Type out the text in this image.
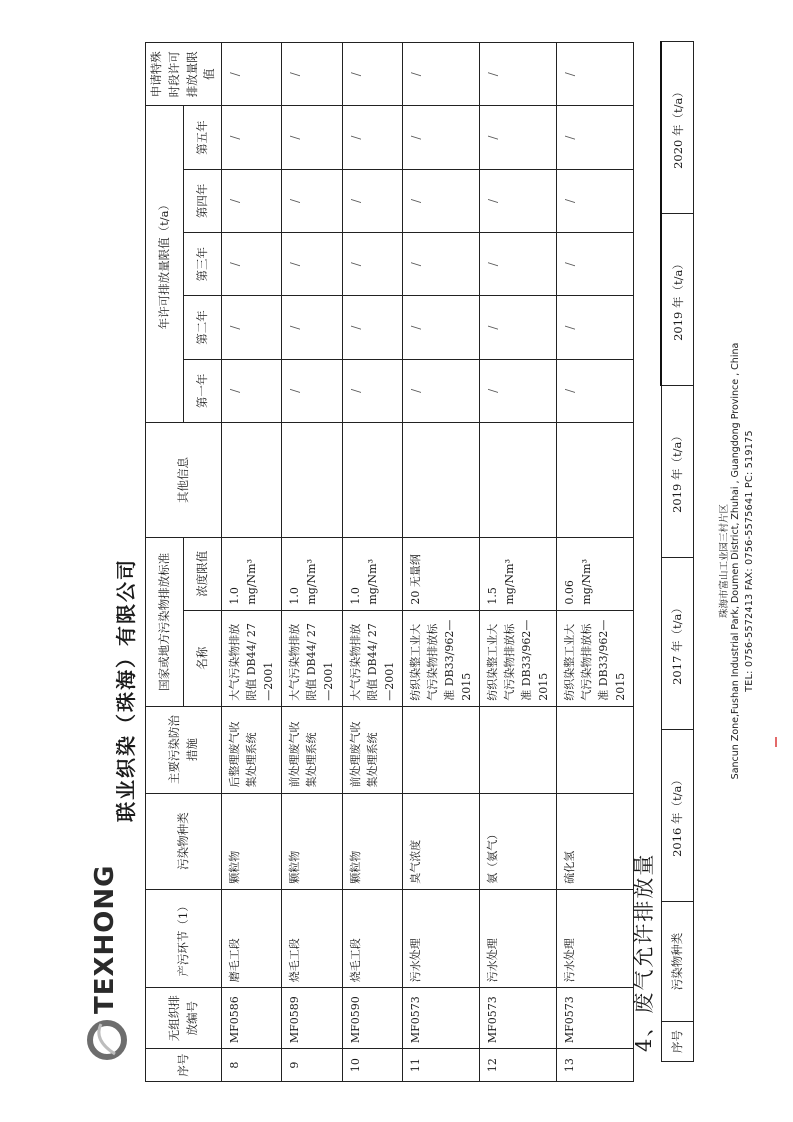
TEXHONG
联业织染（珠海）有限公司
序号	无组织排放编号	产污环节（1）	污染物种类	主要污染防治措施	国家或地方污染物排放标准		其他信息	年许可排放量限值（t/a）					申请特殊时段许可排放量限值
					名称	浓度限值		第一年	第二年	第三年	第四年	第五年	
8	MF0586	磨毛工段	颗粒物	后整理废气收集处理系统	大气污染物排放限值 DB44/ 27—2001	1.0 mg/Nm³		/	/	/	/	/	/
9	MF0589	烧毛工段	颗粒物	前处理废气收集处理系统	大气污染物排放限值 DB44/ 27—2001	1.0 mg/Nm³		/	/	/	/	/	/
10	MF0590	烧毛工段	颗粒物	前处理废气收集处理系统	大气污染物排放限值 DB44/ 27—2001	1.0 mg/Nm³		/	/	/	/	/	/
11	MF0573	污水处理	臭气浓度		纺织染整工业大气污染物排放标准 DB33/962—2015	20 无量纲		/	/	/	/	/	/
12	MF0573	污水处理	氨（氨气）		纺织染整工业大气污染物排放标准 DB33/962—2015	1.5 mg/Nm³		/	/	/	/	/	/
13	MF0573	污水处理	硫化氢		纺织染整工业大气污染物排放标准 DB33/962—2015	0.06 mg/Nm³		/	/	/	/	/	/
4、废气允许排放量 序号	污染物种类	2016 年（t/a）	2017 年（t/a）	2019 年（t/a）	2019 年（t/a）	2020 年（t/a）
珠海市富山工业园三村片区 Sancun Zone,Fushan Industrial Park, Doumen District, Zhuhai , Guangdong Province , China TEL: 0756-5572413 FAX: 0756-5575641 PC: 519175
